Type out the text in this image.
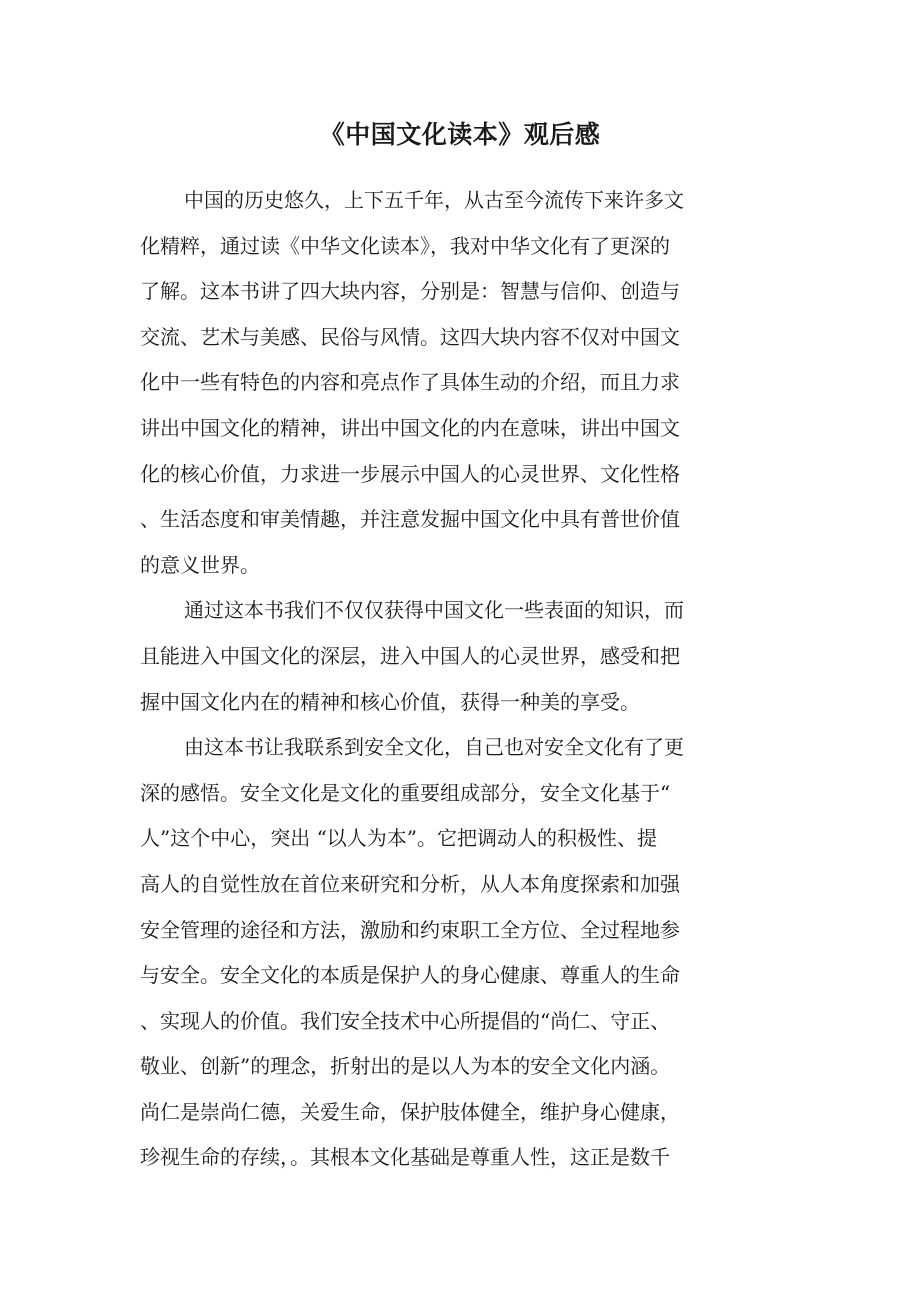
《中国文化读本》观后感
中国的历史悠久，上下五千年，从古至今流传下来许多文
化精粹，通过读《中华文化读本》，我对中华文化有了更深的
了解。这本书讲了四大块内容，分别是：智慧与信仰、创造与
交流、艺术与美感、民俗与风情。这四大块内容不仅对中国文
化中一些有特色的内容和亮点作了具体生动的介绍，而且力求
讲出中国文化的精神，讲出中国文化的内在意味，讲出中国文
化的核心价值，力求进一步展示中国人的心灵世界、文化性格
、生活态度和审美情趣，并注意发掘中国文化中具有普世价值
的意义世界。
通过这本书我们不仅仅获得中国文化一些表面的知识，而
且能进入中国文化的深层，进入中国人的心灵世界，感受和把
握中国文化内在的精神和核心价值，获得一种美的享受。
由这本书让我联系到安全文化，自己也对安全文化有了更
深的感悟。安全文化是文化的重要组成部分，安全文化基于“
人”这个中心，突出 “以人为本”。它把调动人的积极性、提
高人的自觉性放在首位来研究和分析，从人本角度探索和加强
安全管理的途径和方法，激励和约束职工全方位、全过程地参
与安全。安全文化的本质是保护人的身心健康、尊重人的生命
、实现人的价值。我们安全技术中心所提倡的“尚仁、守正、
敬业、创新”的理念，折射出的是以人为本的安全文化内涵。
尚仁是崇尚仁德，关爱生命，保护肢体健全，维护身心健康，
珍视生命的存续，。其根本文化基础是尊重人性，这正是数千
